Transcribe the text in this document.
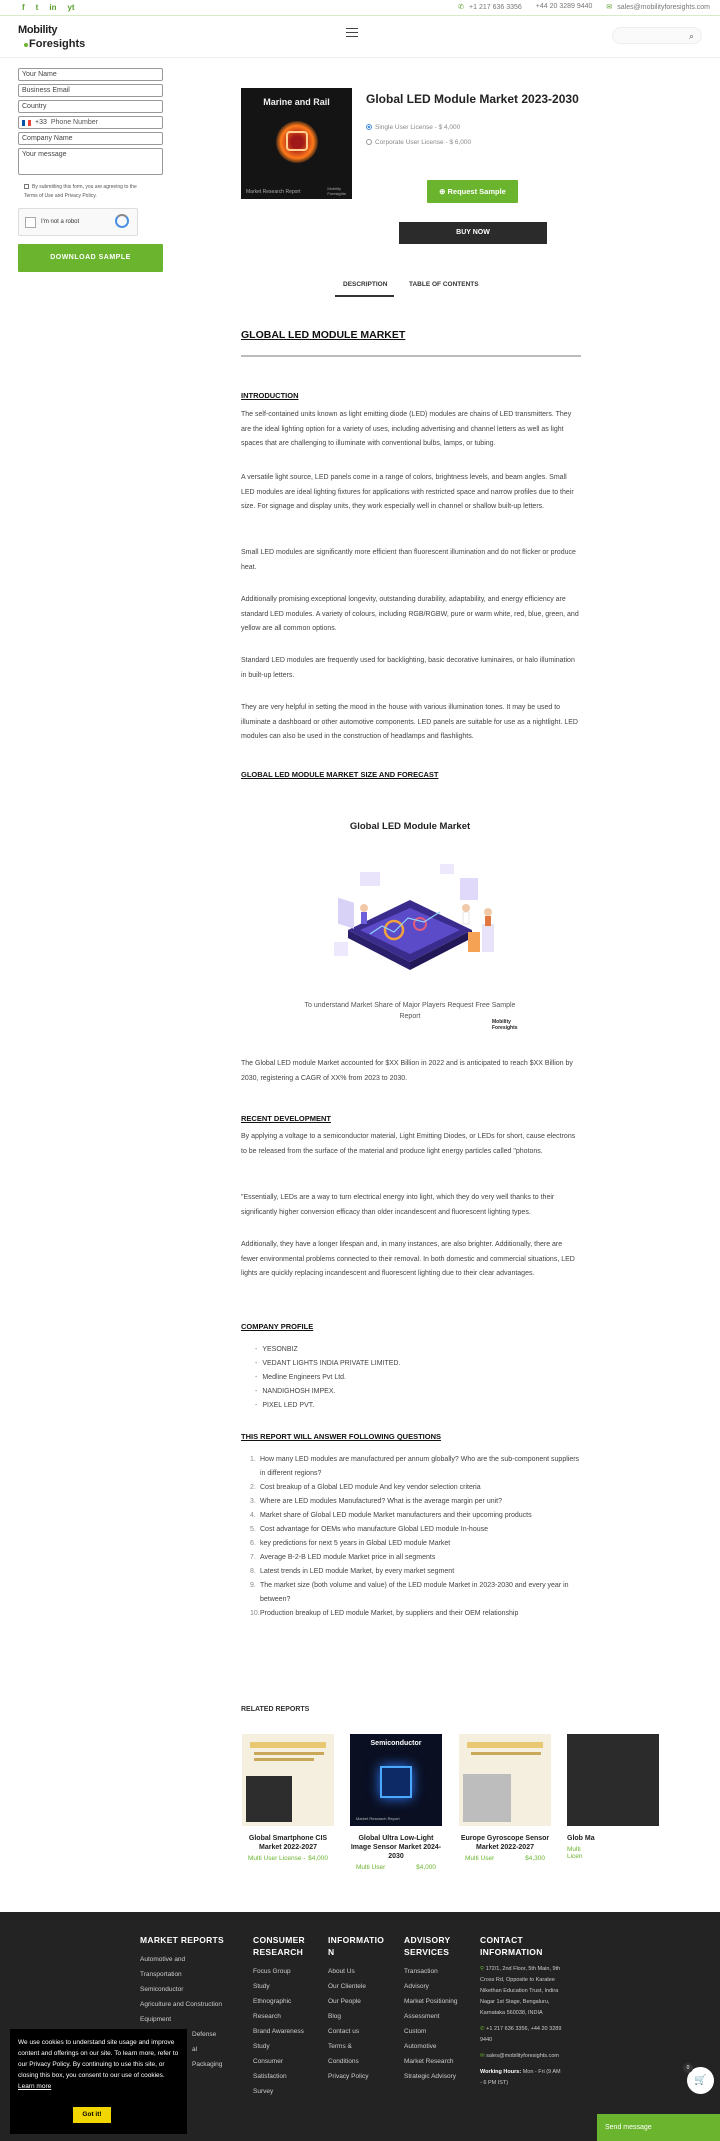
f t in yt	✆ +1 217 636 3356 +44 20 3289 9440 ✉ sales@mobilityforesights.com
Mobility
Foresights
⌕
Your Name
Business Email
Country
+33 Phone Number
Company Name
Your message
By submitting this form, you are agreeing to the
Terms of Use and Privacy Policy.
I'm not a robot
DOWNLOAD SAMPLE
Marine and Rail
Market Research Report
Mobility
Foresights
Global LED Module Market 2023-2030
Single User License - $ 4,000
Corporate User License - $ 6,000
⊕ Request Sample
BUY NOW
DESCRIPTION	TABLE OF CONTENTS
GLOBAL LED MODULE MARKET
INTRODUCTION
The self-contained units known as light emitting diode (LED) modules are chains of LED transmitters. They are the ideal lighting option for a variety of uses, including advertising and channel letters as well as light spaces that are challenging to illuminate with conventional bulbs, lamps, or tubing.
A versatile light source, LED panels come in a range of colors, brightness levels, and beam angles. Small LED modules are ideal lighting fixtures for applications with restricted space and narrow profiles due to their size. For signage and display units, they work especially well in channel or shallow built-up letters.
Small LED modules are significantly more efficient than fluorescent illumination and do not flicker or produce heat.
Additionally promising exceptional longevity, outstanding durability, adaptability, and energy efficiency are standard LED modules. A variety of colours, including RGB/RGBW, pure or warm white, red, blue, green, and yellow are all common options.
Standard LED modules are frequently used for backlighting, basic decorative luminaires, or halo illumination in built-up letters.
They are very helpful in setting the mood in the house with various illumination tones. It may be used to illuminate a dashboard or other automotive components. LED panels are suitable for use as a nightlight. LED modules can also be used in the construction of headlamps and flashlights.
GLOBAL LED MODULE MARKET SIZE AND FORECAST
Global LED Module Market
To understand Market Share of Major Players Request Free Sample Report
Mobility
Foresights
The Global LED module Market accounted for $XX Billion in 2022 and is anticipated to reach $XX Billion by 2030, registering a CAGR of XX% from 2023 to 2030.
RECENT DEVELOPMENT
By applying a voltage to a semiconductor material, Light Emitting Diodes, or LEDs for short, cause electrons to be released from the surface of the material and produce light energy particles called "photons.
"Essentially, LEDs are a way to turn electrical energy into light, which they do very well thanks to their significantly higher conversion efficacy than older incandescent and fluorescent lighting types.
Additionally, they have a longer lifespan and, in many instances, are also brighter. Additionally, there are fewer environmental problems connected to their removal. In both domestic and commercial situations, LED lights are quickly replacing incandescent and fluorescent lighting due to their clear advantages.
COMPANY PROFILE
- YESONBIZ
- VEDANT LIGHTS INDIA PRIVATE LIMITED.
- Medline Engineers Pvt Ltd.
- NANDIGHOSH IMPEX.
- PIXEL LED PVT.
THIS REPORT WILL ANSWER FOLLOWING QUESTIONS
1. How many LED modules are manufactured per annum globally? Who are the sub-component suppliers in different regions?
2. Cost breakup of a Global LED module And key vendor selection criteria
3. Where are LED modules Manufactured? What is the average margin per unit?
4. Market share of Global LED module Market manufacturers and their upcoming products
5. Cost advantage for OEMs who manufacture Global LED module In-house
6. key predictions for next 5 years in Global LED module Market
7. Average B-2-B LED module Market price in all segments
8. Latest trends in LED module Market, by every market segment
9. The market size (both volume and value) of the LED module Market in 2023-2030 and every year in between?
10. Production breakup of LED module Market, by suppliers and their OEM relationship
RELATED REPORTS
Global Smartphone CIS Market 2022-2027
Multi User License - $4,000
Semiconductor
Market Research Report
Global Ultra Low-Light Image Sensor Market 2024-2030
Multi User	$4,000
Europe Gyroscope Sensor Market 2022-2027
Multi User	$4,300
Glob Ma
Multi Licen
MARKET REPORTS
Automotive and
Transportation
Semiconductor
Agriculture and Construction
Equipment
Defense
al
Packaging
CONSUMER
RESEARCH
Focus Group
Study
Ethnographic
Research
Brand Awareness
Study
Consumer
Satisfaction
Survey
INFORMATIO
N
About Us
Our Clientele
Our People
Blog
Contact us
Terms &
Conditions
Privacy Policy
ADVISORY
SERVICES
Transaction
Advisory
Market Positioning
Assessment
Custom
Automotive
Market Research
Strategic Advisory
CONTACT
INFORMATION
⚲ 172/1, 2nd Floor, 5th Main, 9th
Cross Rd, Opposite to Karatee
Nikethan Education Trust, Indira
Nagar 1st Stage, Bengaluru,
Karnataka 560038, INDIA
✆ +1 217 636 3356, +44 20 3289
9440
✉ sales@mobilityforesights.com
Working Hours: Mon - Fri (9 AM
- 6 PM IST)
We use cookies to understand site usage and improve content and offerings on our site. To learn more, refer to our Privacy Policy. By continuing to use this site, or closing this box, you consent to our use of cookies. Learn more
Got it!
🛒
0
Send message
